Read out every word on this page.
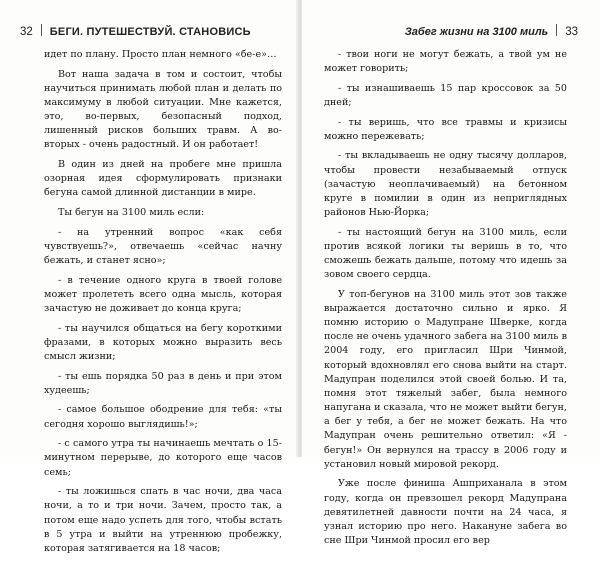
32 БЕГИ. ПУТЕШЕСТВУЙ. СТАНОВИСЬ

идет по плану. Просто план немного «бе-е»…

Вот наша задача в том и состоит, чтобы научиться принимать любой план и делать по максимуму в любой ситуации. Мне кажется, это, во-первых, безопасный подход, лишенный рисков больших травм. А во-вторых - очень радостный. И он работает!

В один из дней на пробеге мне пришла озорная идея сформулировать признаки бегуна самой длинной дистанции в мире.

Ты бегун на 3100 миль если:

- на утренний вопрос «как себя чувствуешь?», отвечаешь «сейчас начну бежать, и станет ясно»;

- в течение одного круга в твоей голове может пролететь всего одна мысль, которая зачастую не доживает до конца круга;

- ты научился общаться на бегу короткими фразами, в которых можно выразить весь смысл жизни;

- ты ешь порядка 50 раз в день и при этом худеешь;

- самое большое ободрение для тебя: «ты сегодня хорошо выглядишь!»;

- с самого утра ты начинаешь мечтать о 15-минутном перерыве, до которого еще часов семь;

- ты ложишься спать в час ночи, два часа ночи, а то и три ночи. Зачем, просто так, а потом еще надо успеть для того, чтобы встать в 5 утра и выйти на утреннюю пробежку, которая затягивается на 18 часов;

Забег жизни на 3100 миль 33

- твои ноги не могут бежать, а твой ум не может говорить;

- ты изнашиваешь 15 пар кроссовок за 50 дней;

- ты веришь, что все травмы и кризисы можно пережевать;

- ты вкладываешь не одну тысячу долларов, чтобы провести незабываемый отпуск (зачастую неоплачиваемый) на бетонном круге в помилии в один из неприглядных районов Нью-Йорка;

- ты настоящий бегун на 3100 миль, если против всякой логики ты веришь в то, что сможешь бежать дальше, потому что идешь за зовом своего сердца.

У топ-бегунов на 3100 миль этот зов также выражается достаточно сильно и ярко. Я помню историю о Мадупране Шверке, когда после не очень удачного забега на 3100 миль в 2004 году, его пригласил Шри Чинмой, который вдохновлял его снова выйти на старт. Мадупран поделился этой своей болью. И та, помня этот тяжелый забег, была немного напугана и сказала, что не может выйти бегун, а бег у тебя, а бег не может бежать. На что Мадупран очень решительно ответил: «Я - бегун!» Он вернулся на трассу в 2006 году и установил новый мировой рекорд.

Уже после финиша Ашприханала в этом году, когда он превзошел рекорд Мадупрана девятилетней давности почти на 24 часа, я узнал историю про него. Накануне забега во сне Шри Чинмой просил его вер
